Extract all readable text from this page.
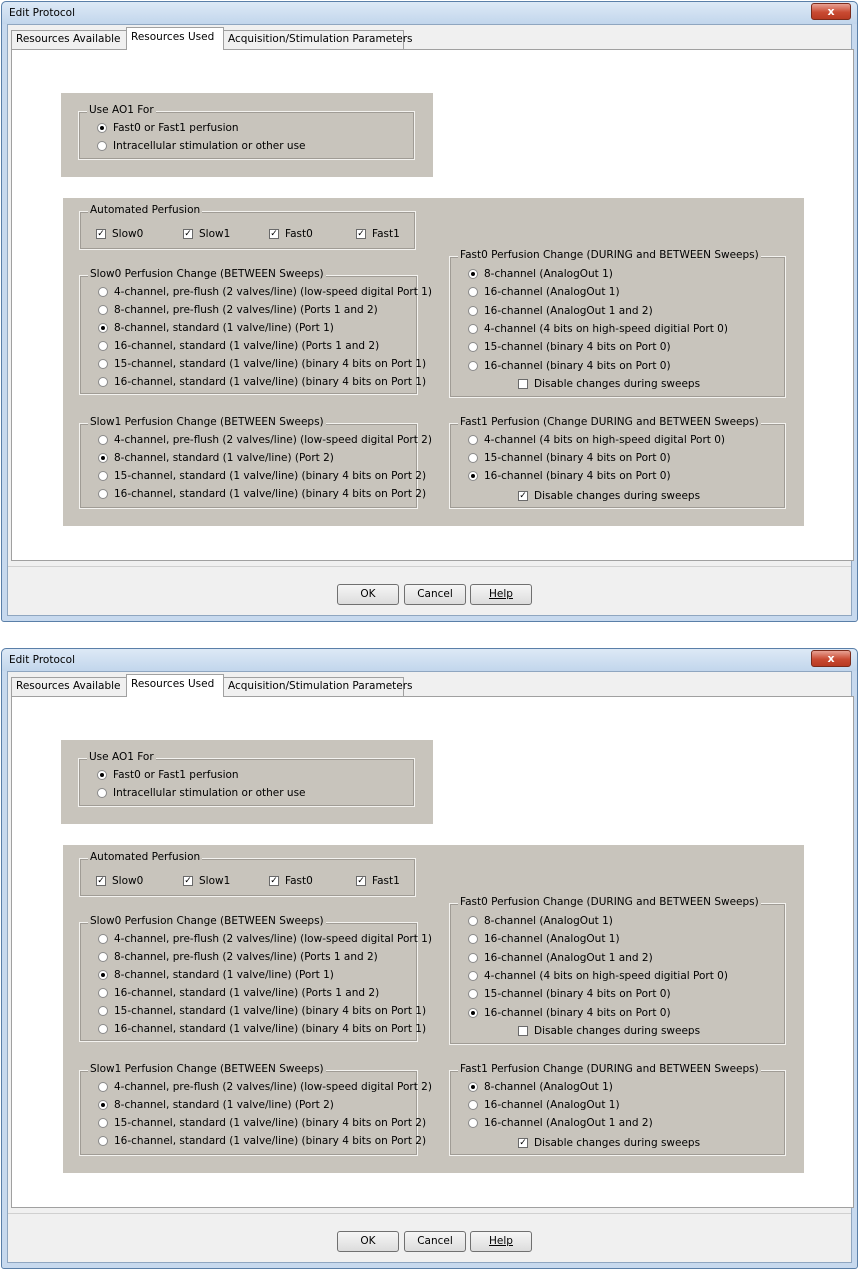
Edit Protocol	x
Resources Available	Resources Used	Acquisition/Stimulation Parameters
Use AO1 For
Fast0 or Fast1 perfusion
Intracellular stimulation or other use
Automated Perfusion
✓ Slow0	✓ Slow1	✓ Fast0	✓ Fast1
Slow0 Perfusion Change (BETWEEN Sweeps)
4-channel, pre-flush (2 valves/line) (low-speed digital Port 1)
8-channel, pre-flush (2 valves/line) (Ports 1 and 2)
8-channel, standard (1 valve/line) (Port 1)
16-channel, standard (1 valve/line) (Ports 1 and 2)
15-channel, standard (1 valve/line) (binary 4 bits on Port 1)
16-channel, standard (1 valve/line) (binary 4 bits on Port 1)
Slow1 Perfusion Change (BETWEEN Sweeps)
4-channel, pre-flush (2 valves/line) (low-speed digital Port 2)
8-channel, standard (1 valve/line) (Port 2)
15-channel, standard (1 valve/line) (binary 4 bits on Port 2)
16-channel, standard (1 valve/line) (binary 4 bits on Port 2)
Fast0 Perfusion Change (DURING and BETWEEN Sweeps)
8-channel (AnalogOut 1)
16-channel (AnalogOut 1)
16-channel (AnalogOut 1 and 2)
4-channel (4 bits on high-speed digitial Port 0)
15-channel (binary 4 bits on Port 0)
16-channel (binary 4 bits on Port 0)
Disable changes during sweeps
Fast1 Perfusion (Change DURING and BETWEEN Sweeps)
4-channel (4 bits on high-speed digital Port 0)
15-channel (binary 4 bits on Port 0)
16-channel (binary 4 bits on Port 0)
✓ Disable changes during sweeps
OK	Cancel	Help
Edit Protocol	x
Resources Available	Resources Used	Acquisition/Stimulation Parameters
Use AO1 For
Fast0 or Fast1 perfusion
Intracellular stimulation or other use
Automated Perfusion
✓ Slow0	✓ Slow1	✓ Fast0	✓ Fast1
Slow0 Perfusion Change (BETWEEN Sweeps)
4-channel, pre-flush (2 valves/line) (low-speed digital Port 1)
8-channel, pre-flush (2 valves/line) (Ports 1 and 2)
8-channel, standard (1 valve/line) (Port 1)
16-channel, standard (1 valve/line) (Ports 1 and 2)
15-channel, standard (1 valve/line) (binary 4 bits on Port 1)
16-channel, standard (1 valve/line) (binary 4 bits on Port 1)
Slow1 Perfusion Change (BETWEEN Sweeps)
4-channel, pre-flush (2 valves/line) (low-speed digital Port 2)
8-channel, standard (1 valve/line) (Port 2)
15-channel, standard (1 valve/line) (binary 4 bits on Port 2)
16-channel, standard (1 valve/line) (binary 4 bits on Port 2)
Fast0 Perfusion Change (DURING and BETWEEN Sweeps)
8-channel (AnalogOut 1)
16-channel (AnalogOut 1)
16-channel (AnalogOut 1 and 2)
4-channel (4 bits on high-speed digitial Port 0)
15-channel (binary 4 bits on Port 0)
16-channel (binary 4 bits on Port 0)
Disable changes during sweeps
Fast1 Perfusion Change (DURING and BETWEEN Sweeps)
8-channel (AnalogOut 1)
16-channel (AnalogOut 1)
16-channel (AnalogOut 1 and 2)
✓ Disable changes during sweeps
OK	Cancel	Help
